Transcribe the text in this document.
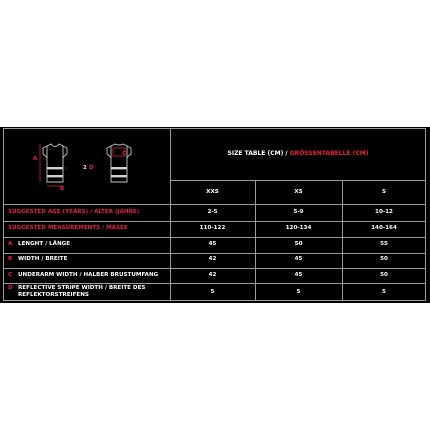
A
B
C
2 D
SIZE TABLE (CM) / GRÖSSENTABELLE (CM)
XXS	XS	S
SUGGESTED AGE (YEARS) / ALTER (JAHRE)	2-5	5-9	10-12
SUGGESTED MEASUREMENTS / MASSE	110-122	120-134	140-164
A LENGHT / LÄNGE	45	50	55
B WIDTH / BREITE	42	45	50
C UNDERARM WIDTH / HALBER BRUSTUMFANG	42	45	50
D REFLECTIVE STRIPE WIDTH / BREITE DES
REFLEKTORSTREIFENS	5	5	5
